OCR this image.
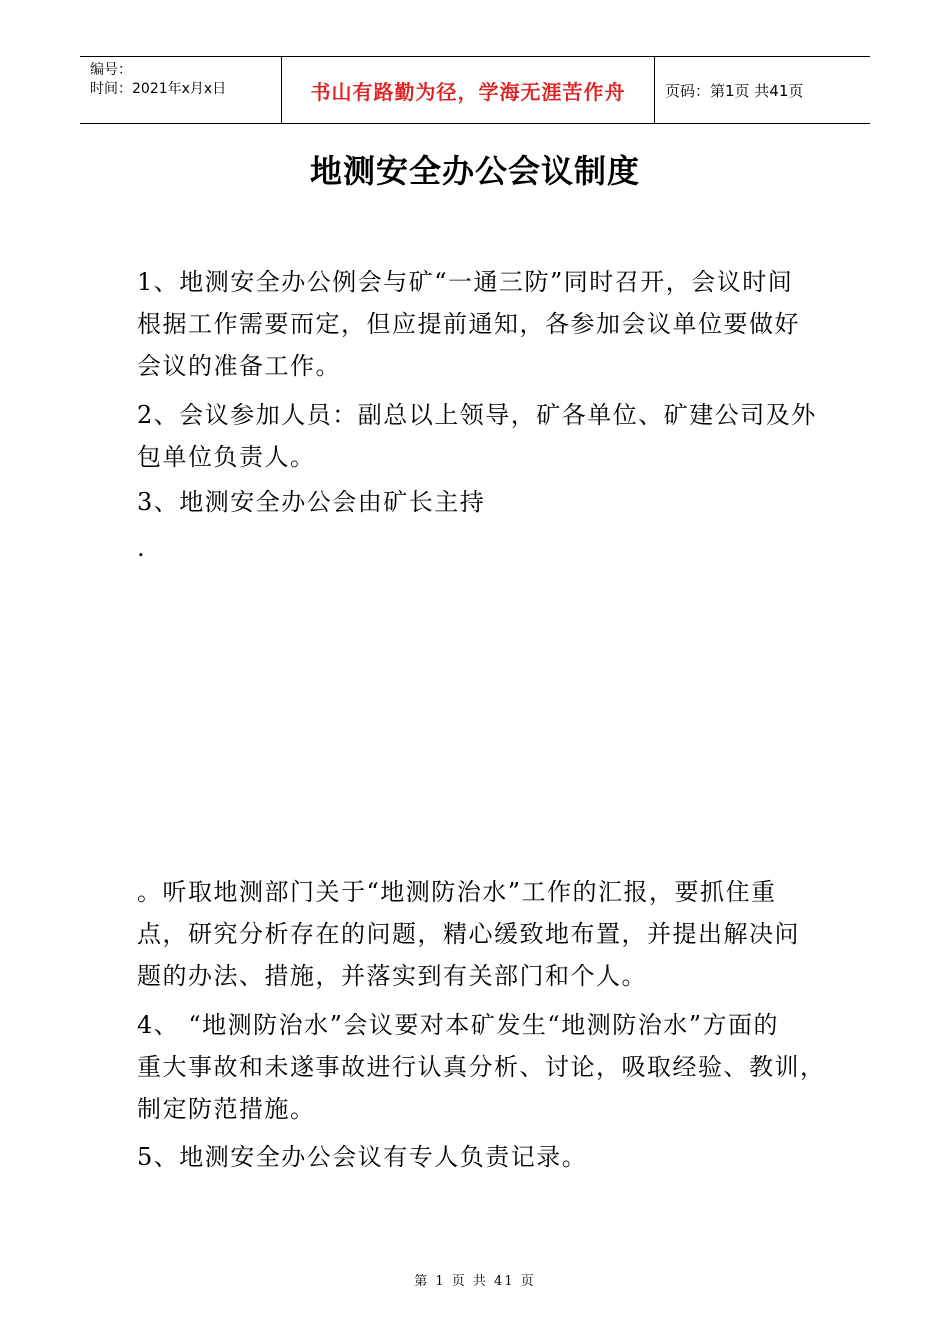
编号：
时间：2021年x月x日	书山有路勤为径，学海无涯苦作舟	页码：第1页 共41页
地测安全办公会议制度

1、地测安全办公例会与矿“一通三防”同时召开，会议时间
根据工作需要而定，但应提前通知，各参加会议单位要做好
会议的准备工作。

2、会议参加人员：副总以上领导，矿各单位、矿建公司及外
包单位负责人。

3、地测安全办公会由矿长主持

.

。听取地测部门关于“地测防治水”工作的汇报，要抓住重
点，研究分析存在的问题，精心缓致地布置，并提出解决问
题的办法、措施，并落实到有关部门和个人。

4、 “地测防治水”会议要对本矿发生“地测防治水”方面的
重大事故和未遂事故进行认真分析、讨论，吸取经验、教训，
制定防范措施。

5、地测安全办公会议有专人负责记录。

第 1 页 共 41 页
